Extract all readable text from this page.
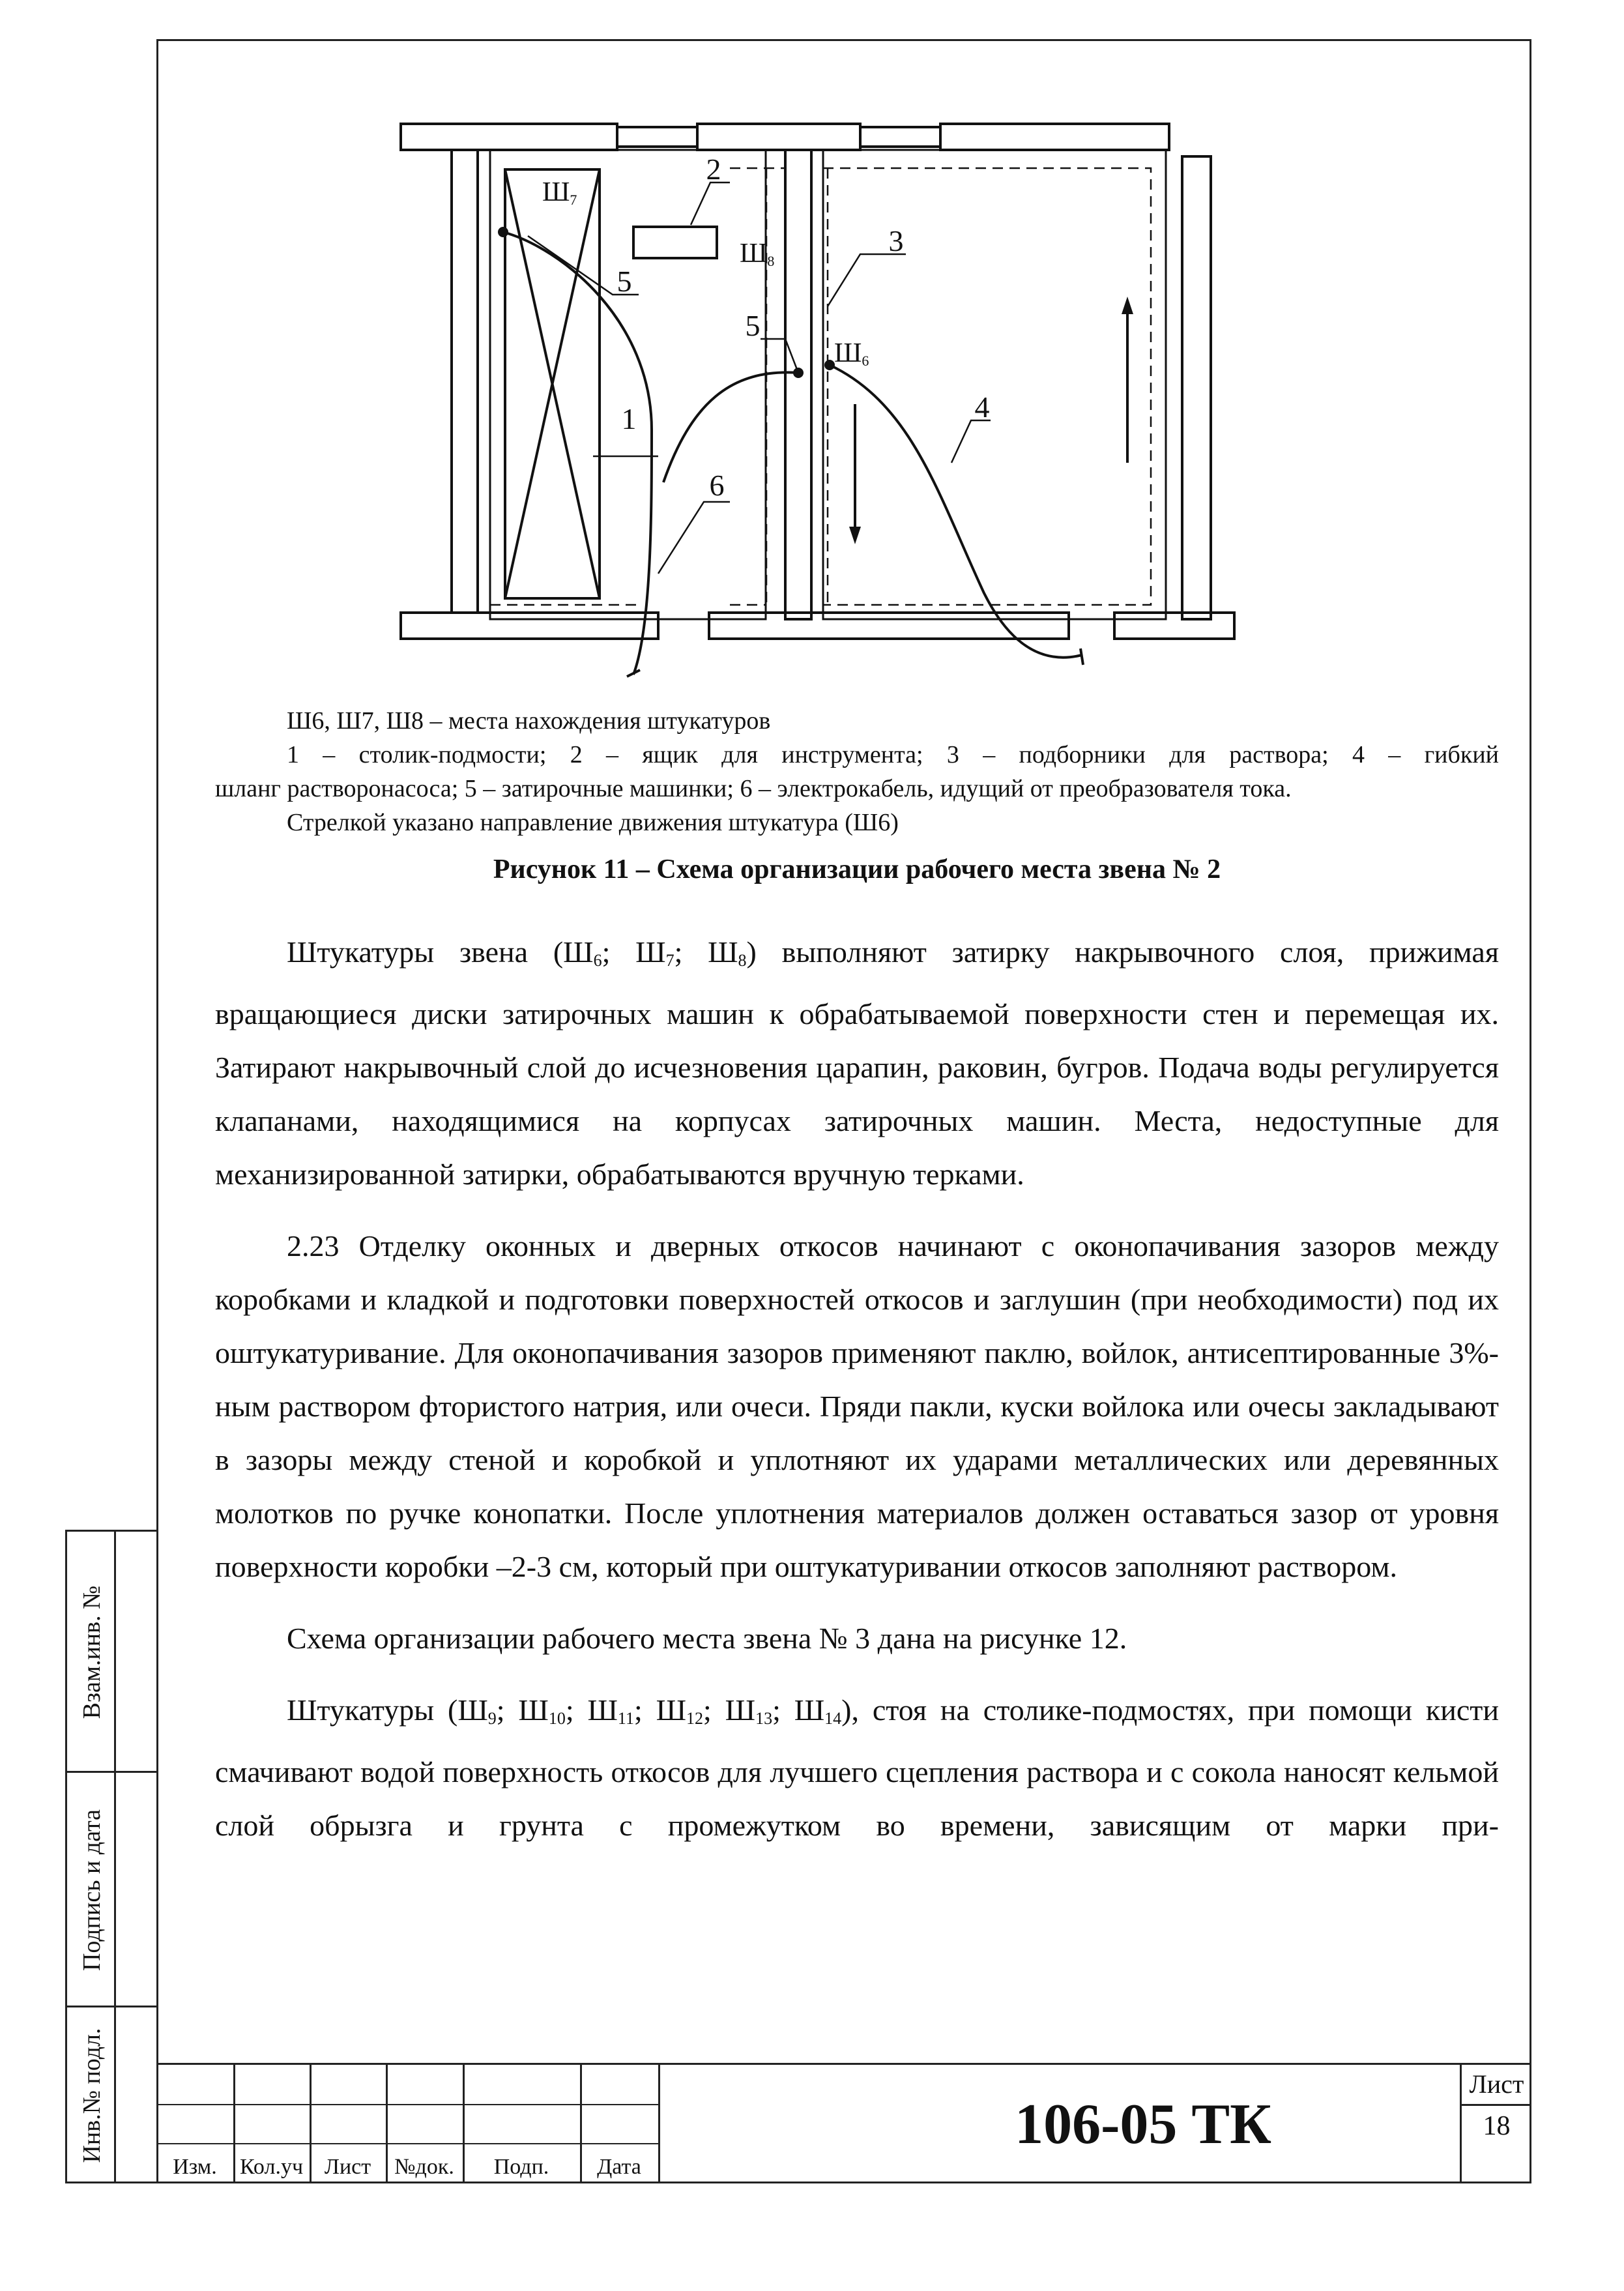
Взам.инв. №
Подпись и дата
Инв.№ подл.
2
3
4
5
5
1
6
Ш7
Ш8
Ш6

Ш6, Ш7, Ш8 – места нахождения штукатуров

1 – столик-подмости; 2 – ящик для инструмента; 3 – подборники для раствора; 4 – гибкий

шланг растворонасоса; 5 – затирочные машинки; 6 – электрокабель, идущий от преобразователя тока.

Стрелкой указано направление движения штукатура (Ш6)

Рисунок 11 – Схема организации рабочего места звена № 2

Штукатуры звена ($Ш_6$; $Ш_7$; $Ш_8$) выполняют затирку накрывочного слоя, прижимая вращающиеся диски затирочных машин к обрабатываемой поверхности стен и перемещая их. Затирают накрывочный слой до исчезновения царапин, раковин, бугров. Подача воды регулируется клапанами, находящимися на корпусах затирочных машин. Места, недоступные для механизированной затирки, обрабатываются вручную терками.

2.23 Отделку оконных и дверных откосов начинают с оконопачивания зазоров между коробками и кладкой и подготовки поверхностей откосов и заглушин (при необходимости) под их оштукатуривание. Для оконопачивания зазоров применяют паклю, войлок, антисептированные 3%-ным раствором фтористого натрия, или очеси. Пряди пакли, куски войлока или очесы закладывают в зазоры между стеной и коробкой и уплотняют их ударами металлических или деревянных молотков по ручке конопатки. После уплотнения материалов должен оставаться зазор от уровня поверхности коробки –2-3 см, который при оштукатуривании откосов заполняют раствором.

Схема организации рабочего места звена № 3 дана на рисунке 12.

Штукатуры ($Ш_9$; $Ш_{10}$; $Ш_{11}$; $Ш_{12}$; $Ш_{13}$; $Ш_{14}$), стоя на столике-подмостях, при помощи кисти смачивают водой поверхность откосов для лучшего сцепления раствора и с сокола наносят кельмой слой обрызга и грунта с промежутком во времени, зависящим от марки при-

Изм.	Кол.уч Лист	№док.	Подп.	Дата
106-05 ТК
Лист
18
